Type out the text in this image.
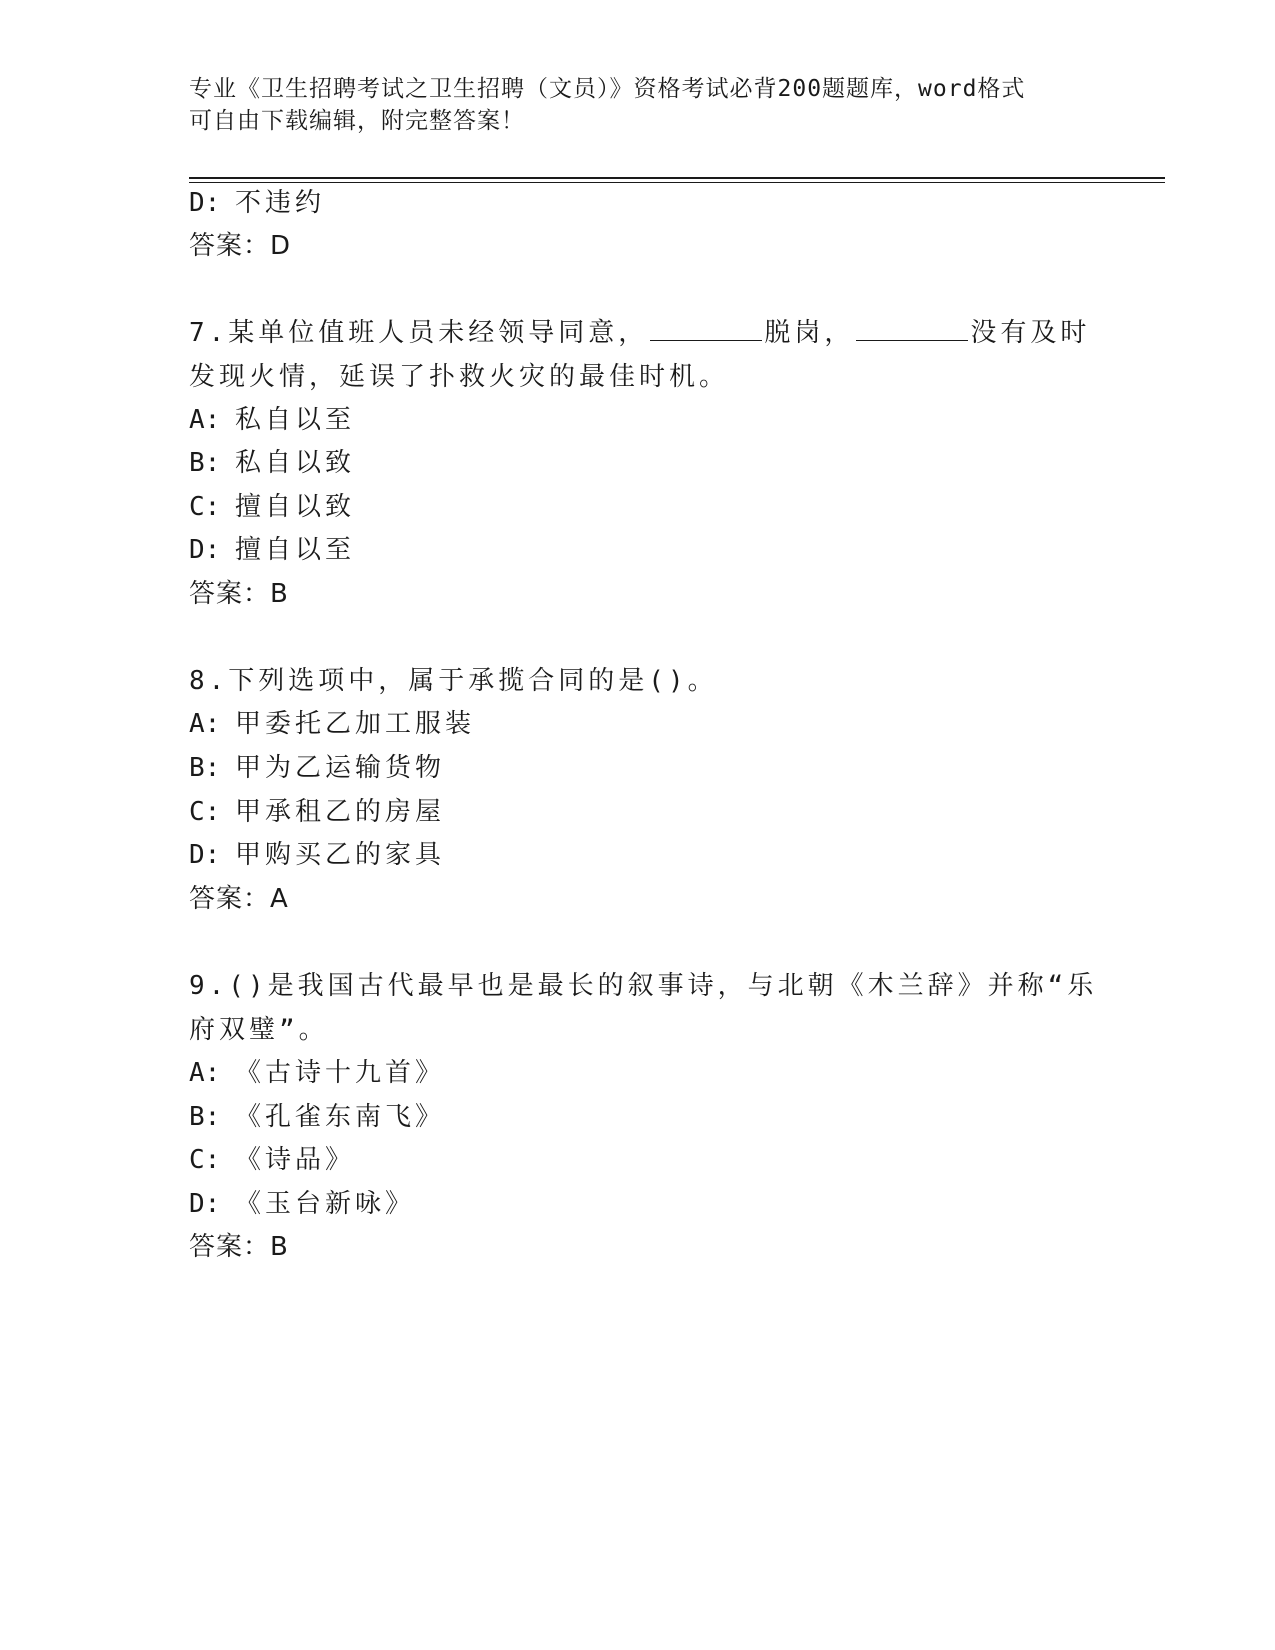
专业《卫生招聘考试之卫生招聘（文员）》资格考试必背200题题库，word格式
可自由下载编辑，附完整答案！
D: 不违约
答案：D
7.某单位值班人员未经领导同意，	脱岗，	没有及时
发现火情，延误了扑救火灾的最佳时机。
A: 私自以至
B: 私自以致
C: 擅自以致
D: 擅自以至
答案：B
8.下列选项中，属于承揽合同的是()。
A: 甲委托乙加工服装
B: 甲为乙运输货物
C: 甲承租乙的房屋
D: 甲购买乙的家具
答案：A
9.()是我国古代最早也是最长的叙事诗，与北朝《木兰辞》并称“乐
府双璧”。
A: 《古诗十九首》
B: 《孔雀东南飞》
C: 《诗品》
D: 《玉台新咏》
答案：B
